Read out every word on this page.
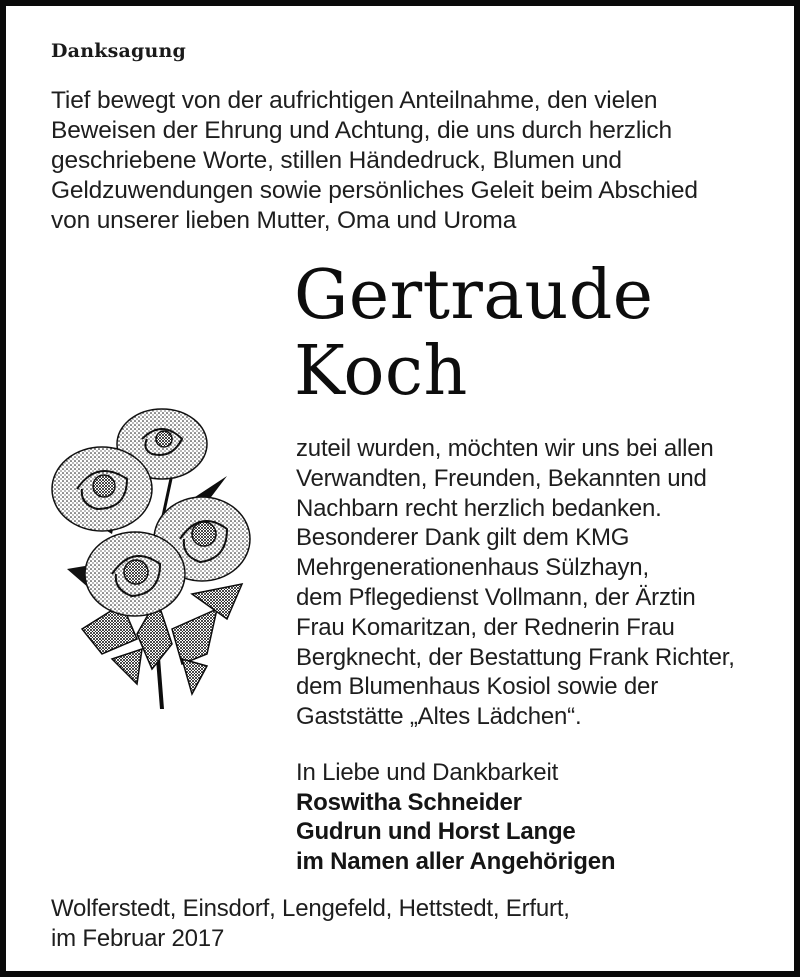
Danksagung
Tief bewegt von der aufrichtigen Anteilnahme, den vielen
Beweisen der Ehrung und Achtung, die uns durch herzlich
geschriebene Worte, stillen Händedruck, Blumen und
Geldzuwendungen sowie persönliches Geleit beim Abschied
von unserer lieben Mutter, Oma und Uroma
Gertraude
Koch
zuteil wurden, möchten wir uns bei allen
Verwandten, Freunden, Bekannten und
Nachbarn recht herzlich bedanken.
Besonderer Dank gilt dem KMG
Mehrgenerationenhaus Sülzhayn,
dem Pflegedienst Vollmann, der Ärztin
Frau Komaritzan, der Rednerin Frau
Bergknecht, der Bestattung Frank Richter,
dem Blumenhaus Kosiol sowie der
Gaststätte „Altes Lädchen“.
In Liebe und Dankbarkeit
Roswitha Schneider
Gudrun und Horst Lange
im Namen aller Angehörigen
Wolferstedt, Einsdorf, Lengefeld, Hettstedt, Erfurt,
im Februar 2017
